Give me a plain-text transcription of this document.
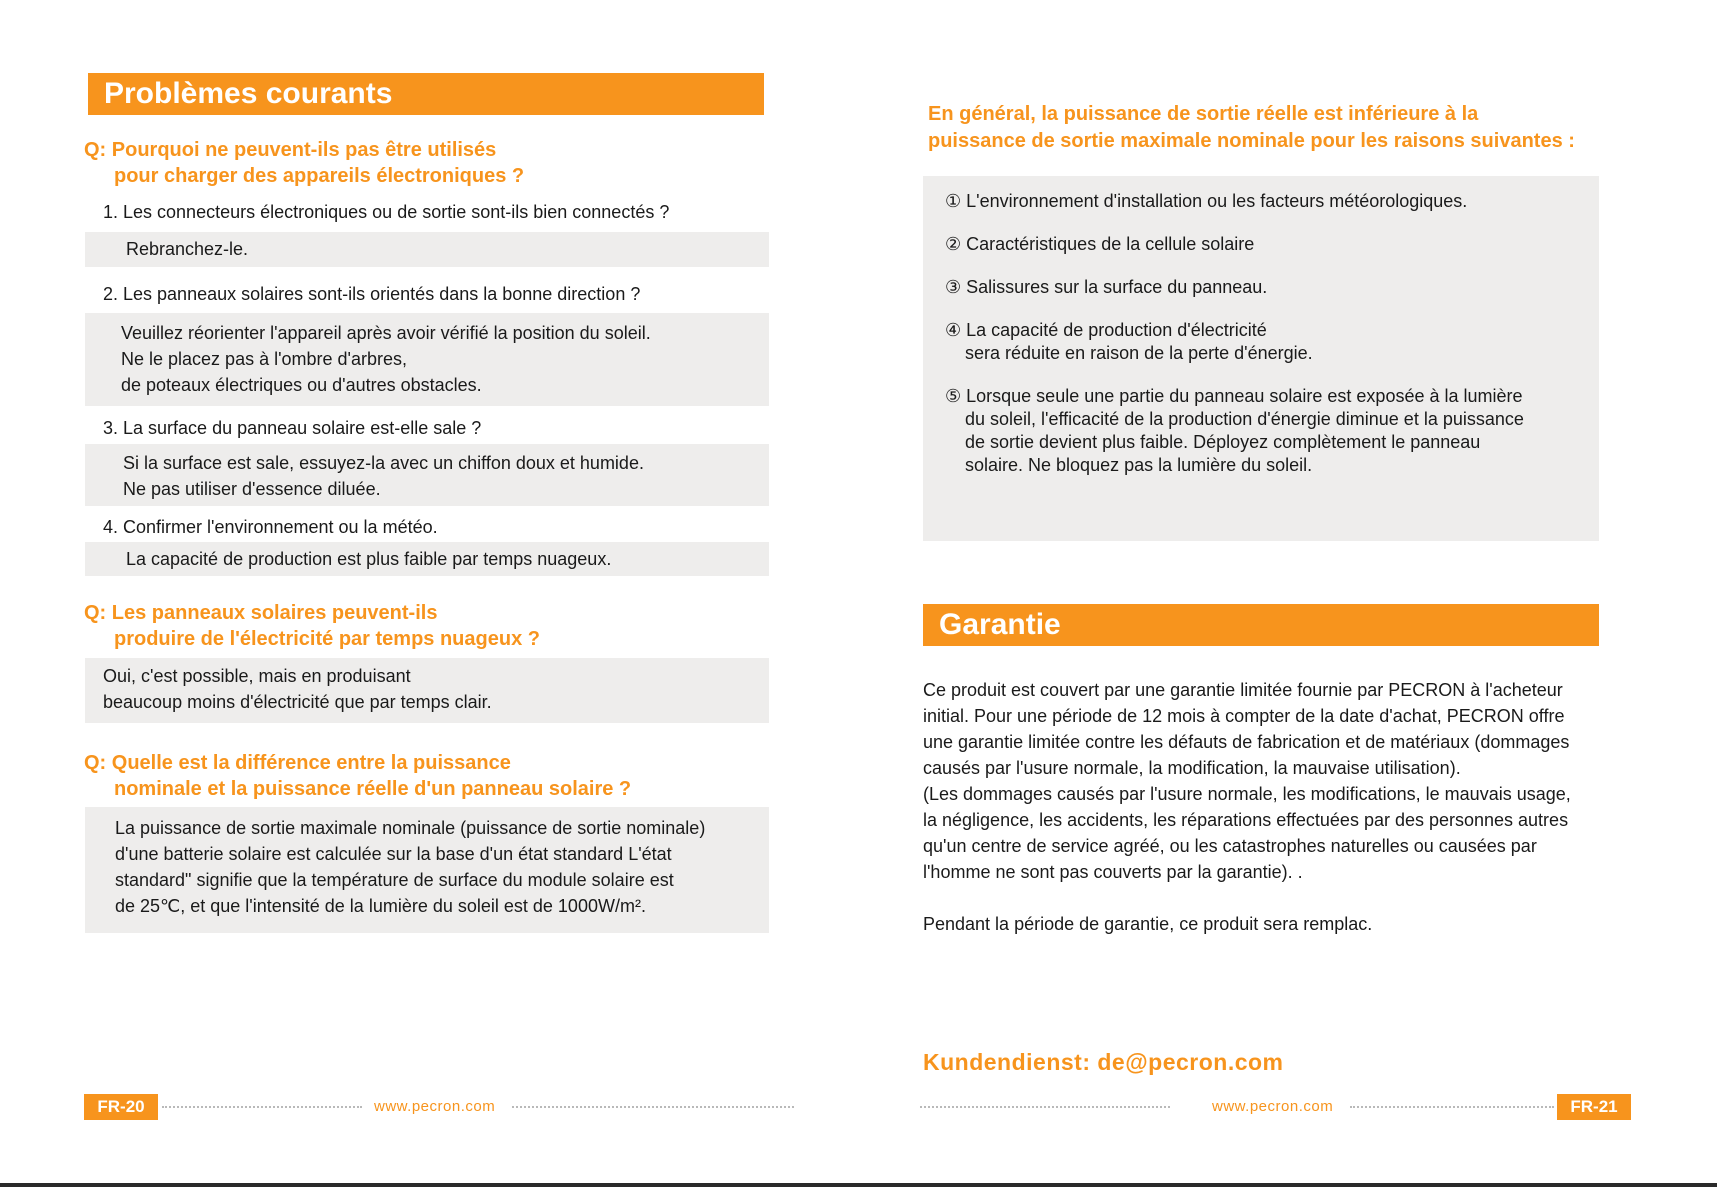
Problèmes courants
Q: Pourquoi ne peuvent-ils pas être utilisés
pour charger des appareils électroniques ?
1. Les connecteurs électroniques ou de sortie sont-ils bien connectés ?
Rebranchez-le.
2. Les panneaux solaires sont-ils orientés dans la bonne direction ?
Veuillez réorienter l'appareil après avoir vérifié la position du soleil.
Ne le placez pas à l'ombre d'arbres,
de poteaux électriques ou d'autres obstacles.
3. La surface du panneau solaire est-elle sale ?
Si la surface est sale, essuyez-la avec un chiffon doux et humide.
Ne pas utiliser d'essence diluée.
4. Confirmer l'environnement ou la météo.
La capacité de production est plus faible par temps nuageux.
Q: Les panneaux solaires peuvent-ils
produire de l'électricité par temps nuageux ?
Oui, c'est possible, mais en produisant
beaucoup moins d'électricité que par temps clair.
Q: Quelle est la différence entre la puissance
nominale et la puissance réelle d'un panneau solaire ?
La puissance de sortie maximale nominale (puissance de sortie nominale)
d'une batterie solaire est calculée sur la base d'un état standard L'état
standard" signifie que la température de surface du module solaire est
de 25℃, et que l'intensité de la lumière du soleil est de 1000W/m².
FR-20	www.pecron.com
En général, la puissance de sortie réelle est inférieure à la
puissance de sortie maximale nominale pour les raisons suivantes :
① L'environnement d'installation ou les facteurs météorologiques.
② Caractéristiques de la cellule solaire
③ Salissures sur la surface du panneau.
④ La capacité de production d'électricité
sera réduite en raison de la perte d'énergie.
⑤ Lorsque seule une partie du panneau solaire est exposée à la lumière
du soleil, l'efficacité de la production d'énergie diminue et la puissance
de sortie devient plus faible. Déployez complètement le panneau
solaire. Ne bloquez pas la lumière du soleil.
Garantie
Ce produit est couvert par une garantie limitée fournie par PECRON à l'acheteur
initial. Pour une période de 12 mois à compter de la date d'achat, PECRON offre
une garantie limitée contre les défauts de fabrication et de matériaux (dommages
causés par l'usure normale, la modification, la mauvaise utilisation).
(Les dommages causés par l'usure normale, les modifications, le mauvais usage,
la négligence, les accidents, les réparations effectuées par des personnes autres
qu'un centre de service agréé, ou les catastrophes naturelles ou causées par
l'homme ne sont pas couverts par la garantie). .
Pendant la période de garantie, ce produit sera remplac.
Kundendienst: de@pecron.com
www.pecron.com	FR-21
